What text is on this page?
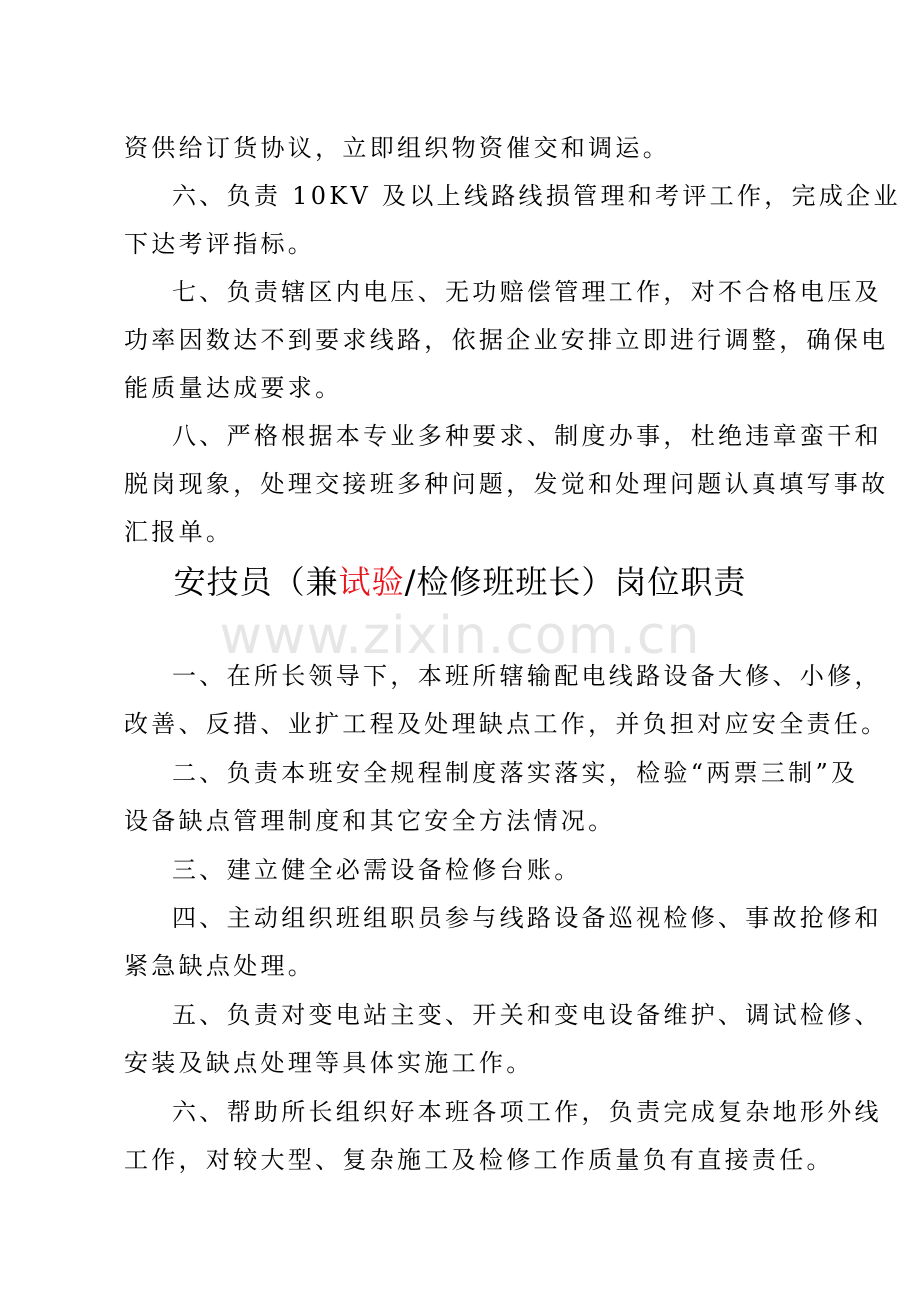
资供给订货协议，立即组织物资催交和调运。
六、负责 10KV 及以上线路线损管理和考评工作，完成企业
下达考评指标。
七、负责辖区内电压、无功赔偿管理工作，对不合格电压及
功率因数达不到要求线路，依据企业安排立即进行调整，确保电
能质量达成要求。
八、严格根据本专业多种要求、制度办事，杜绝违章蛮干和
脱岗现象，处理交接班多种问题，发觉和处理问题认真填写事故
汇报单。
安技员（兼试验/检修班班长）岗位职责
www.zixin.com.cn
一、在所长领导下，本班所辖输配电线路设备大修、小修，
改善、反措、业扩工程及处理缺点工作，并负担对应安全责任。
二、负责本班安全规程制度落实落实，检验“两票三制”及
设备缺点管理制度和其它安全方法情况。
三、建立健全必需设备检修台账。
四、主动组织班组职员参与线路设备巡视检修、事故抢修和
紧急缺点处理。
五、负责对变电站主变、开关和变电设备维护、调试检修、
安装及缺点处理等具体实施工作。
六、帮助所长组织好本班各项工作，负责完成复杂地形外线
工作，对较大型、复杂施工及检修工作质量负有直接责任。
